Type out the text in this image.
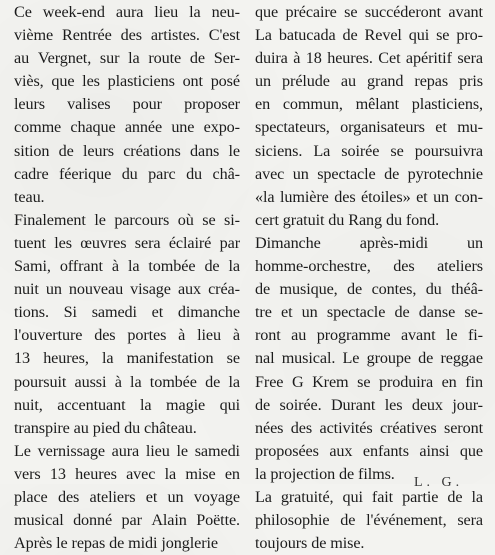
Ce week-end aura lieu la neu-
vième Rentrée des artistes. C'est
au Vergnet, sur la route de Ser-
viès, que les plasticiens ont posé
leurs valises pour proposer
comme chaque année une expo-
sition de leurs créations dans le
cadre féerique du parc du châ-
teau.
Finalement le parcours où se si-
tuent les œuvres sera éclairé par
Sami, offrant à la tombée de la
nuit un nouveau visage aux créa-
tions. Si samedi et dimanche
l'ouverture des portes à lieu à
13 heures, la manifestation se
poursuit aussi à la tombée de la
nuit, accentuant la magie qui
transpire au pied du château.
Le vernissage aura lieu le samedi
vers 13 heures avec la mise en
place des ateliers et un voyage
musical donné par Alain Poëtte.
Après le repas de midi jonglerie
que précaire se succéderont avant
La batucada de Revel qui se pro-
duira à 18 heures. Cet apéritif sera
un prélude au grand repas pris
en commun, mêlant plasticiens,
spectateurs, organisateurs et mu-
siciens. La soirée se poursuivra
avec un spectacle de pyrotechnie
«la lumière des étoiles» et un con-
cert gratuit du Rang du fond.
Dimanche après-midi un
homme-orchestre, des ateliers
de musique, de contes, du théâ-
tre et un spectacle de danse se-
ront au programme avant le fi-
nal musical. Le groupe de reggae
Free G Krem se produira en fin
de soirée. Durant les deux jour-
nées des activités créatives seront
proposées aux enfants ainsi que
la projection de films.
La gratuité, qui fait partie de la
philosophie de l'événement, sera
toujours de mise.
L. G.
